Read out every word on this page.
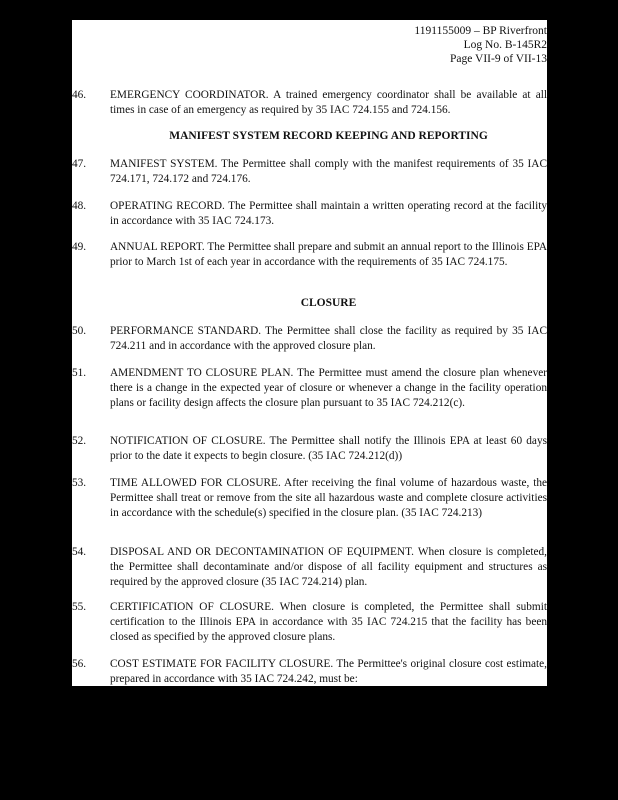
1191155009 – BP Riverfront
Log No. B-145R2
Page VII-9 of VII-13
46. EMERGENCY COORDINATOR. A trained emergency coordinator shall be available at all times in case of an emergency as required by 35 IAC 724.155 and 724.156.
MANIFEST SYSTEM RECORD KEEPING AND REPORTING
47. MANIFEST SYSTEM. The Permittee shall comply with the manifest requirements of 35 IAC 724.171, 724.172 and 724.176.
48. OPERATING RECORD. The Permittee shall maintain a written operating record at the facility in accordance with 35 IAC 724.173.
49. ANNUAL REPORT. The Permittee shall prepare and submit an annual report to the Illinois EPA prior to March 1st of each year in accordance with the requirements of 35 IAC 724.175.
CLOSURE
50. PERFORMANCE STANDARD. The Permittee shall close the facility as required by 35 IAC 724.211 and in accordance with the approved closure plan.
51. AMENDMENT TO CLOSURE PLAN. The Permittee must amend the closure plan whenever there is a change in the expected year of closure or whenever a change in the facility operation plans or facility design affects the closure plan pursuant to 35 IAC 724.212(c).
52. NOTIFICATION OF CLOSURE. The Permittee shall notify the Illinois EPA at least 60 days prior to the date it expects to begin closure. (35 IAC 724.212(d))
53. TIME ALLOWED FOR CLOSURE. After receiving the final volume of hazardous waste, the Permittee shall treat or remove from the site all hazardous waste and complete closure activities in accordance with the schedule(s) specified in the closure plan. (35 IAC 724.213)
54. DISPOSAL AND OR DECONTAMINATION OF EQUIPMENT. When closure is completed, the Permittee shall decontaminate and/or dispose of all facility equipment and structures as required by the approved closure (35 IAC 724.214) plan.
55. CERTIFICATION OF CLOSURE. When closure is completed, the Permittee shall submit certification to the Illinois EPA in accordance with 35 IAC 724.215 that the facility has been closed as specified by the approved closure plans.
56. COST ESTIMATE FOR FACILITY CLOSURE. The Permittee's original closure cost estimate, prepared in accordance with 35 IAC 724.242, must be:
